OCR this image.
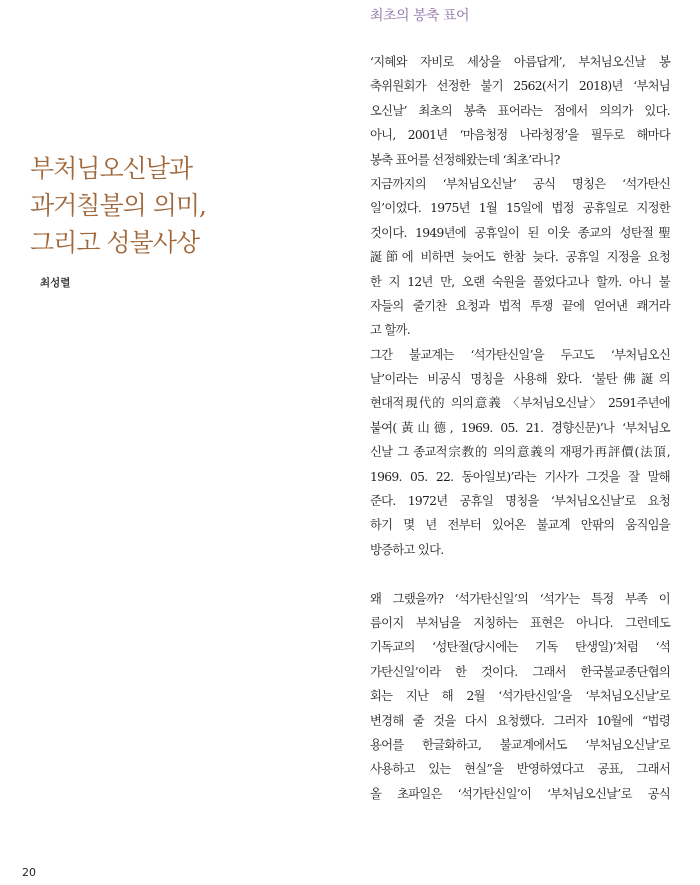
부처님오신날과
과거칠불의 의미,
그리고 성불사상

최성렬

최초의 봉축 표어
‘지혜와 자비로 세상을 아름답게’, 부처님오신날 봉
축위원회가 선정한 불기 2562(서기 2018)년 ‘부처님
오신날’ 최초의 봉축 표어라는 점에서 의의가 있다.
아니, 2001년 ‘마음청정 나라청정’을 필두로 해마다
봉축 표어를 선정해왔는데 ‘최초’라니?
지금까지의 ‘부처님오신날’ 공식 명칭은 ‘석가탄신
일’이었다. 1975년 1월 15일에 법정 공휴일로 지정한
것이다. 1949년에 공휴일이 된 이웃 종교의 성탄절聖
誕節에 비하면 늦어도 한참 늦다. 공휴일 지정을 요청
한 지 12년 만, 오랜 숙원을 풀었다고나 할까. 아니 불
자들의 줄기찬 요청과 법적 투쟁 끝에 얻어낸 쾌거라
고 할까.
그간 불교계는 ‘석가탄신일’을 두고도 ‘부처님오신
날’이라는 비공식 명칭을 사용해 왔다. ‘불탄佛誕의
현대적現代的 의의意義 〈부처님오신날〉 2591주년에
붙여(黃山德, 1969. 05. 21. 경향신문)’나 ‘부처님오
신날 그 종교적宗教的 의의意義의 재평가再評價(法頂,
1969. 05. 22. 동아일보)’라는 기사가 그것을 잘 말해
준다. 1972년 공휴일 명칭을 ‘부처님오신날’로 요청
하기 몇 년 전부터 있어온 불교계 안팎의 움직임을
방증하고 있다.
왜 그랬을까? ‘석가탄신일’의 ‘석가’는 특정 부족 이
름이지 부처님을 지칭하는 표현은 아니다. 그런데도
기독교의 ‘성탄절(당시에는 기독 탄생일)’처럼 ‘석
가탄신일’이라 한 것이다. 그래서 한국불교종단협의
회는 지난 해 2월 ‘석가탄신일’을 ‘부처님오신날’로
변경해 줄 것을 다시 요청했다. 그러자 10월에 “법령
용어를 한글화하고, 불교계에서도 ‘부처님오신날’로
사용하고 있는 현실”을 반영하였다고 공표, 그래서
올 초파일은 ‘석가탄신일’이 ‘부처님오신날’로 공식

20
